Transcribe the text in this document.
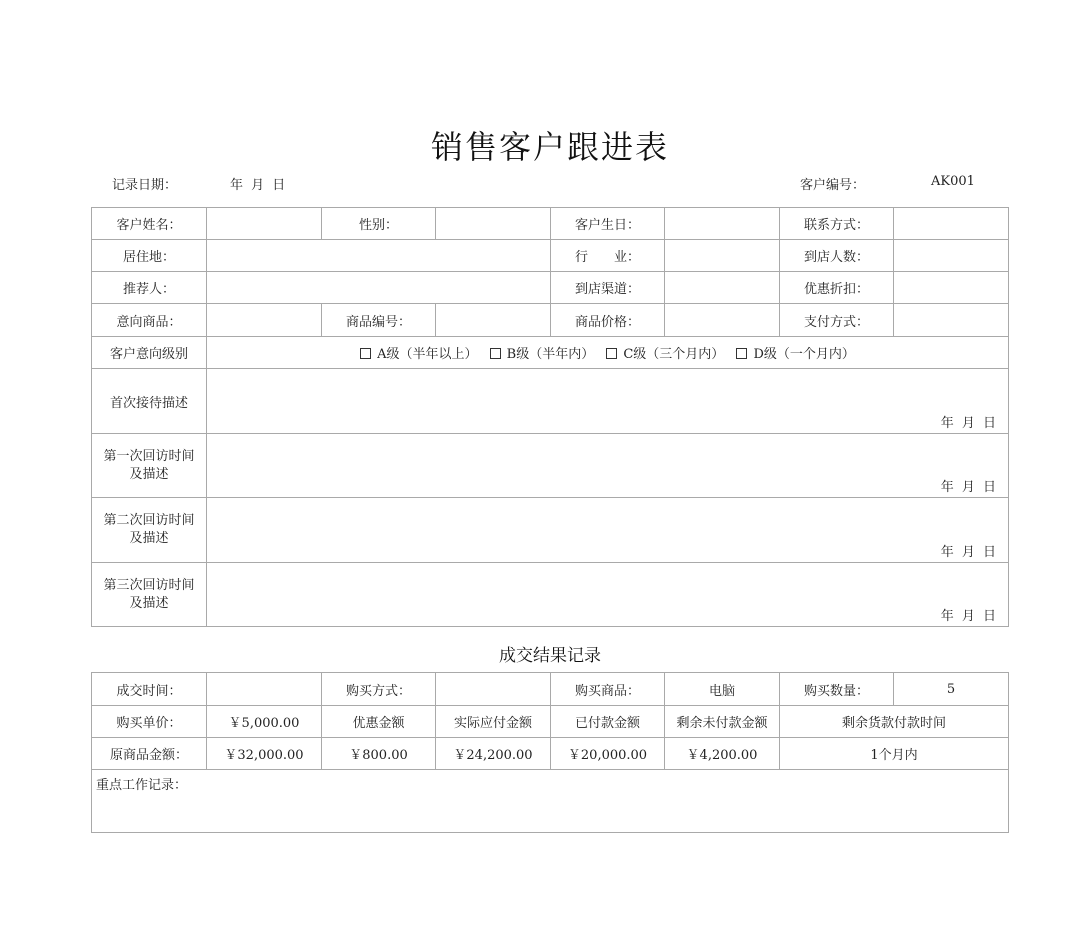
销售客户跟进表
记录日期：	年 月 日	客户编号：	AK001
客户姓名：		性别：		客户生日：		联系方式：	
居住地：				行　　业：		到店人数：	
推荐人：				到店渠道：		优惠折扣：	
意向商品：		商品编号：		商品价格：		支付方式：	
客户意向级别	A级（半年以上） B级（半年内） C级（三个月内） D级（一个月内）						
首次接待描述	年 月 日						

第一次回访时间
及描述	年 月 日						

第二次回访时间
及描述	年 月 日						

第三次回访时间
及描述	年 月 日						
成交结果记录
成交时间：		购买方式：		购买商品：	电脑	购买数量：	5
购买单价：	￥5,000.00	优惠金额	实际应付金额	已付款金额	剩余未付款金额	剩余货款付款时间	
原商品金额：	￥32,000.00	￥800.00	￥24,200.00	￥20,000.00	￥4,200.00	1个月内	
重点工作记录：							
